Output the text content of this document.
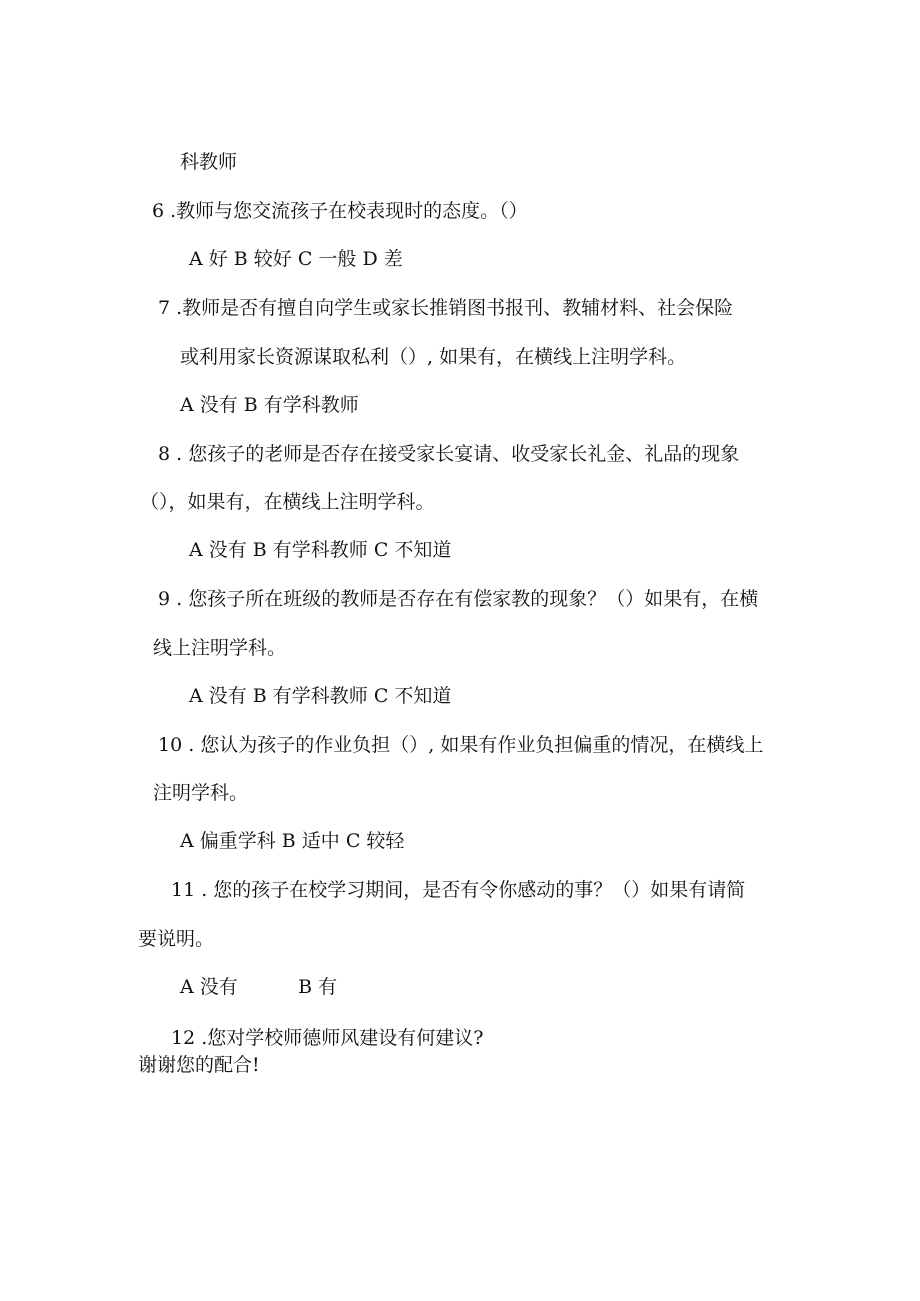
科教师
6 .教师与您交流孩子在校表现时的态度。（）
A 好 B 较好 C 一般 D 差
7 .教师是否有擅自向学生或家长推销图书报刊、教辅材料、社会保险
或利用家长资源谋取私利（）, 如果有，在横线上注明学科。
A 没有 B 有学科教师
8 . 您孩子的老师是否存在接受家长宴请、收受家长礼金、礼品的现象
（），如果有，在横线上注明学科。
A 没有 B 有学科教师 C 不知道
9 . 您孩子所在班级的教师是否存在有偿家教的现象？（）如果有，在横
线上注明学科。
A 没有 B 有学科教师 C 不知道
10 . 您认为孩子的作业负担（）, 如果有作业负担偏重的情况，在横线上
注明学科。
A 偏重学科 B 适中 C 较轻
11 . 您的孩子在校学习期间，是否有令你感动的事？（）如果有请简
要说明。
A 没有          B 有
12 .您对学校师德师风建设有何建议?
谢谢您的配合!
